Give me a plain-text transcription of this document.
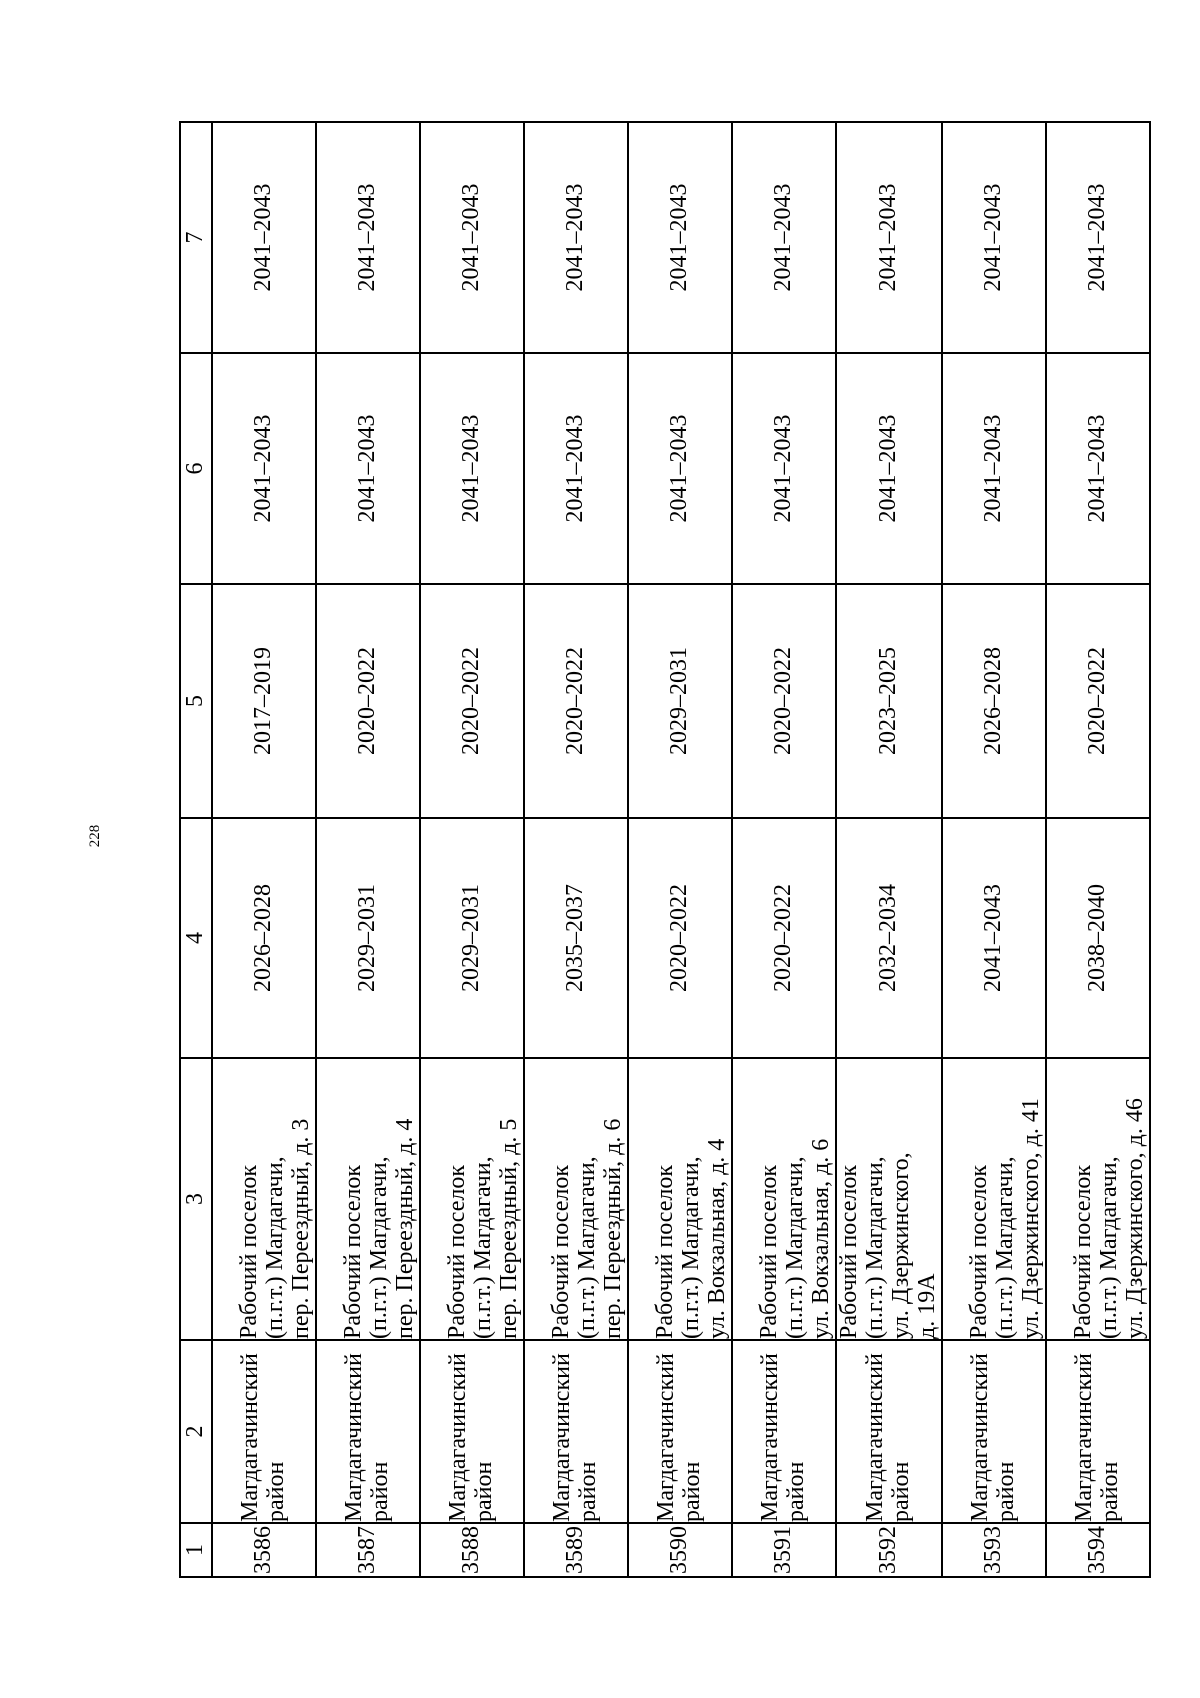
228
1	2	3	4	5	6	7
3586	Магдагачинский район	Рабочий поселок (п.г.т.) Магдагачи, пер. Переездный, д. 3	2026–2028	2017–2019	2041–2043	2041–2043
3587	Магдагачинский район	Рабочий поселок (п.г.т.) Магдагачи, пер. Переездный, д. 4	2029–2031	2020–2022	2041–2043	2041–2043
3588	Магдагачинский район	Рабочий поселок (п.г.т.) Магдагачи, пер. Переездный, д. 5	2029–2031	2020–2022	2041–2043	2041–2043
3589	Магдагачинский район	Рабочий поселок (п.г.т.) Магдагачи, пер. Переездный, д. 6	2035–2037	2020–2022	2041–2043	2041–2043
3590	Магдагачинский район	Рабочий поселок (п.г.т.) Магдагачи, ул. Вокзальная, д. 4	2020–2022	2029–2031	2041–2043	2041–2043
3591	Магдагачинский район	Рабочий поселок (п.г.т.) Магдагачи, ул. Вокзальная, д. 6	2020–2022	2020–2022	2041–2043	2041–2043
3592	Магдагачинский район	Рабочий поселок (п.г.т.) Магдагачи, ул. Дзержинского, д. 19А	2032–2034	2023–2025	2041–2043	2041–2043
3593	Магдагачинский район	Рабочий поселок (п.г.т.) Магдагачи, ул. Дзержинского, д. 41	2041–2043	2026–2028	2041–2043	2041–2043
3594	Магдагачинский район	Рабочий поселок (п.г.т.) Магдагачи, ул. Дзержинского, д. 46	2038–2040	2020–2022	2041–2043	2041–2043
